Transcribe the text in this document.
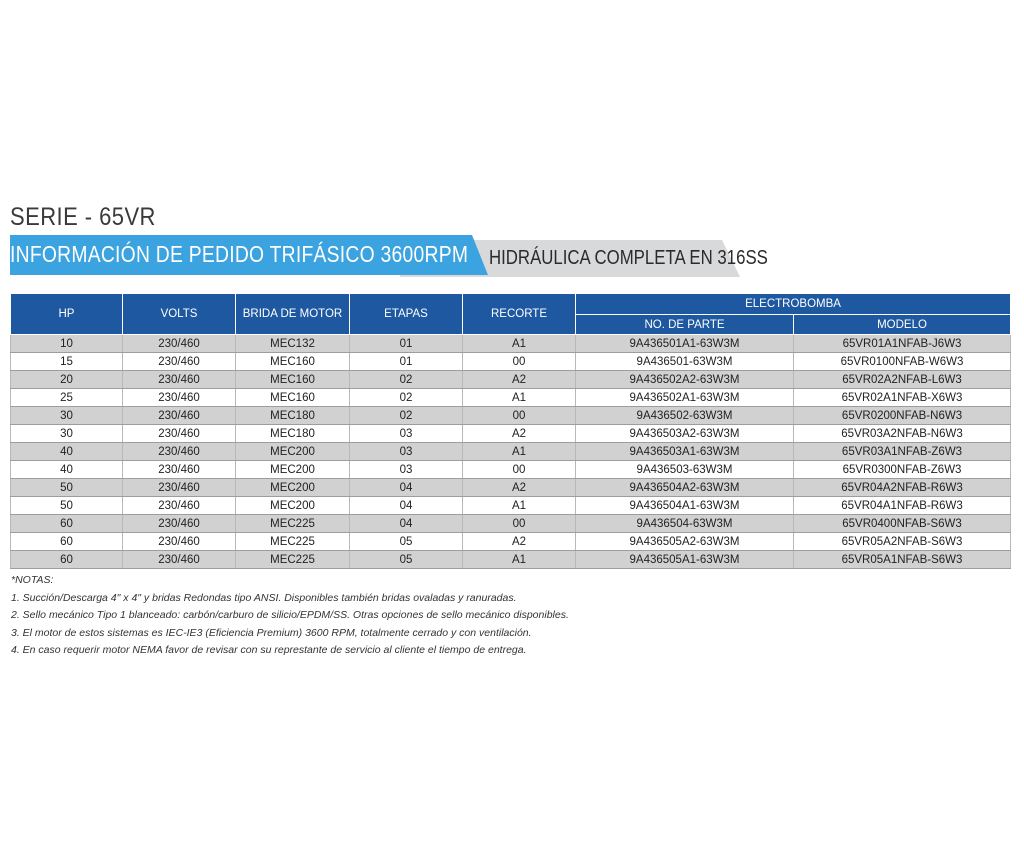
SERIE - 65VR
INFORMACIÓN DE PEDIDO TRIFÁSICO 3600RPM HIDRÁULICA COMPLETA EN 316SS
HP	VOLTS	BRIDA DE MOTOR	ETAPAS	RECORTE	ELECTROBOMBA	
					NO. DE PARTE	MODELO
10	230/460	MEC132	01	A1	9A436501A1-63W3M	65VR01A1NFAB-J6W3
15	230/460	MEC160	01	00	9A436501-63W3M	65VR0100NFAB-W6W3
20	230/460	MEC160	02	A2	9A436502A2-63W3M	65VR02A2NFAB-L6W3
25	230/460	MEC160	02	A1	9A436502A1-63W3M	65VR02A1NFAB-X6W3
30	230/460	MEC180	02	00	9A436502-63W3M	65VR0200NFAB-N6W3
30	230/460	MEC180	03	A2	9A436503A2-63W3M	65VR03A2NFAB-N6W3
40	230/460	MEC200	03	A1	9A436503A1-63W3M	65VR03A1NFAB-Z6W3
40	230/460	MEC200	03	00	9A436503-63W3M	65VR0300NFAB-Z6W3
50	230/460	MEC200	04	A2	9A436504A2-63W3M	65VR04A2NFAB-R6W3
50	230/460	MEC200	04	A1	9A436504A1-63W3M	65VR04A1NFAB-R6W3
60	230/460	MEC225	04	00	9A436504-63W3M	65VR0400NFAB-S6W3
60	230/460	MEC225	05	A2	9A436505A2-63W3M	65VR05A2NFAB-S6W3
60	230/460	MEC225	05	A1	9A436505A1-63W3M	65VR05A1NFAB-S6W3
*NOTAS:
1. Succión/Descarga 4" x 4" y bridas Redondas tipo ANSI. Disponibles también bridas ovaladas y ranuradas.
2. Sello mecánico Tipo 1 blanceado: carbón/carburo de silicio/EPDM/SS. Otras opciones de sello mecánico disponibles.
3. El motor de estos sistemas es IEC-IE3 (Eficiencia Premium) 3600 RPM, totalmente cerrado y con ventilación.
4. En caso requerir motor NEMA favor de revisar con su represtante de servicio al cliente el tiempo de entrega.
